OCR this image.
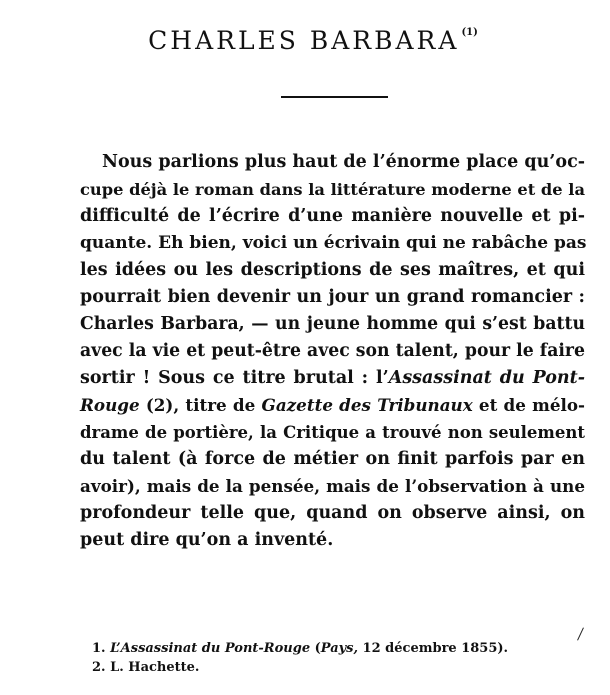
CHARLES BARBARA $^{(1)}$
Nous parlions plus haut de l’énorme place qu’oc-
cupe déjà le roman dans la littérature moderne et de la
difficulté de l’écrire d’une manière nouvelle et pi-
quante. Eh bien, voici un écrivain qui ne rabâche pas
les idées ou les descriptions de ses maîtres, et qui
pourrait bien devenir un jour un grand romancier :
Charles Barbara, — un jeune homme qui s’est battu
avec la vie et peut-être avec son talent, pour le faire
sortir ! Sous ce titre brutal : l’Assassinat du Pont-
Rouge (2), titre de Gazette des Tribunaux et de mélo-
drame de portière, la Critique a trouvé non seulement
du talent (à force de métier on finit parfois par en
avoir), mais de la pensée, mais de l’observation à une
profondeur telle que, quand on observe ainsi, on
peut dire qu’on a inventé.
1. L’Assassinat du Pont-Rouge (Pays, 12 décembre 1855).
2. L. Hachette.
